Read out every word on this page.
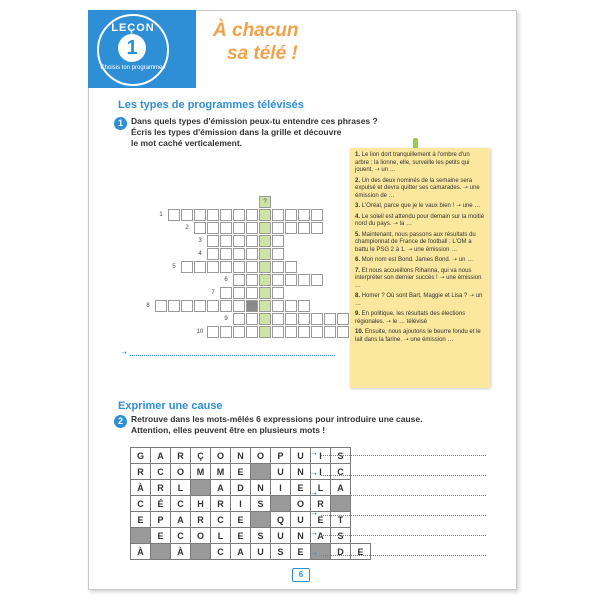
LEÇON
1
Choisis ton programme !
À chacun
sa télé !
Les types de programmes télévisés
1 Dans quels types d'émission peux-tu entendre ces phrases ?
Écris les types d'émission dans la grille et découvre
le mot caché verticalement.
?
1
2
3
4
5
6
7
8
9
10
➝
1. Le lion dort tranquillement à l'ombre d'un arbre ; la lionne, elle, surveille les petits qui jouent. ➝ un …
2. Un des deux nominés de la semaine sera expulsé et devra quitter ses camarades. ➝ une émission de …
3. L'Oréal, parce que je le vaux bien ! ➝ une …
4. Le soleil est attendu pour demain sur la moitié nord du pays. ➝ la …
5. Maintenant, nous passons aux résultats du championnat de France de football : L'OM a battu le PSG 2 à 1. ➝ une émission …
6. Mon nom est Bond. James Bond. ➝ un …
7. Et nous accueillons Rihanna, qui va nous interpréter son dernier succès ! ➝ une émission …
8. Homer ? Où sont Bart, Maggie et Lisa ? ➝ un …
9. En politique, les résultats des élections régionales. ➝ le … télévisé
10. Ensuite, nous ajoutons le beurre fondu et le lait dans la farine. ➝ une émission …
Exprimer une cause
2 Retrouve dans les mots-mêlés 6 expressions pour introduire une cause.
Attention, elles peuvent être en plusieurs mots !
G	A	R	Ç	O	N	O	P	U	I	S	
R	C	O	M	M	E		U	N	I	C	
À	R	L		A	D	N	I	E	L	A	
C	É	C	H	R	I	S		O	R		
E	P	A	R	C	E		Q	U	E	T	
	E	C	O	L	E	S	U	N	A	S	
À		À		C	A	U	S	E		D	E
➝
➝
➝
➝
➝
➝
6
